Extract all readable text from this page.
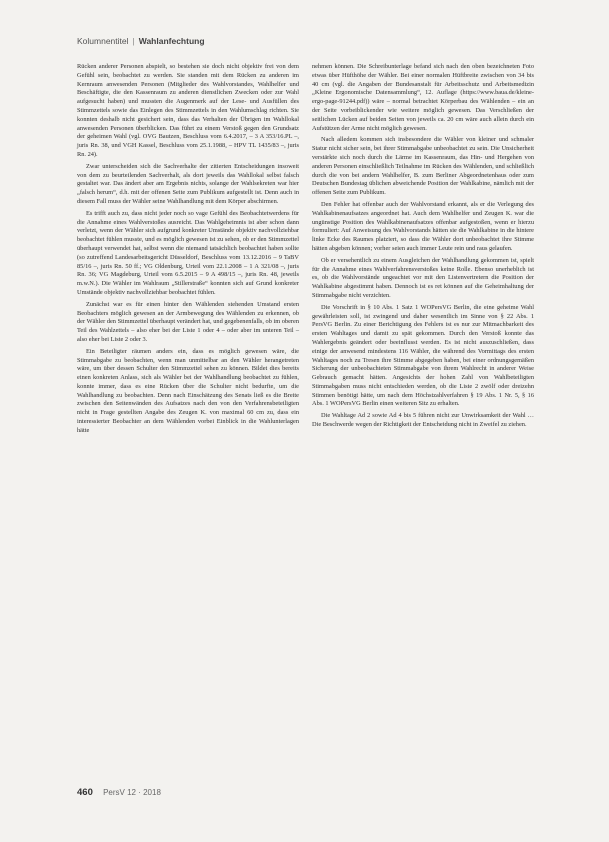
Kolumnentitel | Wahlanfechtung

Rücken anderer Personen abspielt, so bestehen sie doch nicht objektiv frei von dem Gefühl sein, beobachtet zu werden. Sie standen mit dem Rücken zu anderen im Kernraum anwesenden Personen (Mitglieder des Wahlvorstandes, Wahlhelfer und Beschäftigte, die den Kassenraum zu anderen dienstlichen Zwecken oder zur Wahl aufgesucht haben) und mussten die Augenmerk auf der Lese- und Ausfüllen des Stimmzettels sowie das Einlegen des Stimmzettels in den Wahlumschlag richten. Sie konnten deshalb nicht gesichert sein, dass das Verhalten der Übrigen im Wahllokal anwesenden Personen überblicken. Das führt zu einem Verstoß gegen den Grundsatz der geheimen Wahl (vgl. OVG Bautzen, Beschluss vom 6.4.2017, – 3 A 353/16.PL –, juris Rn. 38, und VGH Kassel, Beschluss vom 25.1.1988, – HPV TL 1435/83 –, juris Rn. 24).

Zwar unterscheiden sich die Sachverhalte der zitierten Entscheidungen insoweit von dem zu beurteilenden Sachverhalt, als dort jeweils das Wahllokal selbst falsch gestaltet war. Das ändert aber am Ergebnis nichts, solange der Wahlsekreten war hier „falsch herum“, d.h. mit der offenen Seite zum Publikum aufgestellt ist. Denn auch in diesem Fall muss der Wähler seine Wahlhandlung mit dem Körper abschirmen.

Es trifft auch zu, dass nicht jeder noch so vage Gefühl des Beobachtetwerdens für die Annahme eines Wahlverstoßes ausreicht. Das Wahlgeheimnis ist aber schon dann verletzt, wenn der Wähler sich aufgrund konkreter Umstände objektiv nachvollziehbar beobachtet fühlen musste, und es möglich gewesen ist zu sehen, ob er den Stimmzettel überhaupt verwendet hat, selbst wenn die niemand tatsächlich beobachtet haben sollte (so zutreffend Landesarbeitsgericht Düsseldorf, Beschluss vom 13.12.2016 – 9 TaBV 85/16 –, juris Rn. 50 ff.; VG Oldenburg, Urteil vom 22.1.2008 – 1 A 321/08 –, juris Rn. 36; VG Magdeburg, Urteil vom 6.5.2015 – 9 A 498/15 –, juris Rn. 48, jeweils m.w.N.). Die Wähler im Wahlraum „Stillerstraße“ konnten sich auf Grund konkreter Umstände objektiv nachvollziehbar beobachtet fühlen.

Zunächst war es für einen hinter den Wählenden stehenden Umstand ersten Beobachters möglich gewesen an der Armbewegung des Wählenden zu erkennen, ob der Wähler den Stimmzettel überhaupt verändert hat, und gegebenenfalls, ob im oberen Teil des Wahlzettels – also eher bei der Liste 1 oder 4 – oder aber im unteren Teil – also eher bei Liste 2 oder 3.

Ein Beteiligter räumen anders ein, dass es möglich gewesen wäre, die Stimmabgabe zu beobachten, wenn man unmittelbar an den Wähler herangetreten wäre, um über dessen Schulter den Stimmzettel sehen zu können. Bildet dies bereits einen konkreten Anlass, sich als Wähler bei der Wahlhandlung beobachtet zu fühlen, konnte immer, dass es eine Rücken über die Schulter nicht bedurfte, um die Wahlhandlung zu beobachten. Denn nach Einschätzung des Senats ließ es die Breite zwischen den Seitenwänden des Aufsatzes nach den von den Verfahrensbeteiligten nicht in Frage gestellten Angabe des Zeugen K. von maximal 60 cm zu, dass ein interessierter Beobachter an dem Wählenden vorbei Einblick in die Wahlunterlagen hätte

nehmen können. Die Schreibunterlage befand sich nach den oben bezeichneten Foto etwas über Hüfthöhe der Wähler. Bei einer normalen Hüftbreite zwischen von 34 bis 40 cm (vgl. die Angaben der Bundesanstalt für Arbeitsschutz und Arbeitsmedizin „Kleine Ergonomische Datensammlung“, 12. Auflage (https://www.baua.de/kleine-ergo-page-91244.pdf)) wäre – normal betrachtet Körperbau des Wählenden – ein an der Seite vorbeiblickender wie weitere möglich gewesen. Das Verschließen der seitlichen Lücken auf beiden Seiten von jeweils ca. 20 cm wäre auch allein durch ein Aufstützen der Arme nicht möglich gewesen.

Nach alledem kommen sich insbesondere die Wähler von kleiner und schmaler Statur nicht sicher sein, bei ihrer Stimmabgabe unbeobachtet zu sein. Die Unsicherheit verstärkte sich noch durch die Lärme im Kassenraum, das Hin- und Hergehen von anderen Personen einschließlich Teilnahme im Rücken des Wählenden, und schließlich durch die von bei andern Wahlhelfer, B. zum Berliner Abgeordnetenhaus oder zum Deutschen Bundestag üblichen abweichende Position der Wahlkabine, nämlich mit der offenen Seite zum Publikum.

Den Fehler hat offenbar auch der Wahlvorstand erkannt, als er die Verlegung des Wahlkabinenaufsatzes angeordnet hat. Auch dem Wahlhelfer und Zeugen K. war die ungünstige Position des Wahlkabinenaufsatzes offenbar aufgestoßen, wenn er hierzu formuliert: Auf Anweisung des Wahlvorstands hätten sie die Wahlkabine in die hintere linke Ecke des Raumes platziert, so dass die Wähler dort unbeobachtet ihre Stimme hätten abgeben können; vorher seien auch immer Leute rein und raus gelaufen.

Ob er versehentlich zu einem Ausgleichen der Wahlhandlung gekommen ist, spielt für die Annahme eines Wahlverfahrensverstoßes keine Rolle. Ebenso unerheblich ist es, ob die Wahlvorstände ungeachtet vor mit den Listenvertretern die Position der Wahlkabine abgestimmt haben. Dennoch ist es ret können auf die Geheimhaltung der Stimmabgabe nicht verzichten.

Die Vorschrift in § 10 Abs. 1 Satz 1 WOPersVG Berlin, die eine geheime Wahl gewährleisten soll, ist zwingend und daher wesentlich im Sinne von § 22 Abs. 1 PersVG Berlin. Zu einer Berichtigung des Fehlers ist es nur zur Mitmachbarkeit des ersten Wahltages und damit zu spät gekommen. Durch den Verstoß konnte das Wahlergebnis geändert oder beeinflusst werden. Es ist nicht auszuschließen, dass einige der anwesend mindestens 116 Wähler, die während des Vormittags des ersten Wahltages noch zu Tresen ihre Stimme abgegeben haben, bei einer ordnungsgemäßen Sicherung der unbeobachteten Stimmabgabe von ihrem Wahlrecht in anderer Weise Gebrauch gemacht hätten. Angesichts der hohen Zahl von Wahlbeteiligten Stimmabgaben muss nicht entschieden werden, ob die Liste 2 zwölf oder dreizehn Stimmen benötigt hätte, um nach dem Höchstzahlverfahren § 19 Abs. 1 Nr. 5, § 16 Abs. 1 WOPersVG Berlin einen weiteren Sitz zu erhalten.

Die Wahltage Ad 2 sowie Ad 4 bis 5 führen nicht zur Unwirksamkeit der Wahl … Die Beschwerde wegen der Richtigkeit der Entscheidung nicht in Zweifel zu ziehen.

460 PersV 12 · 2018
